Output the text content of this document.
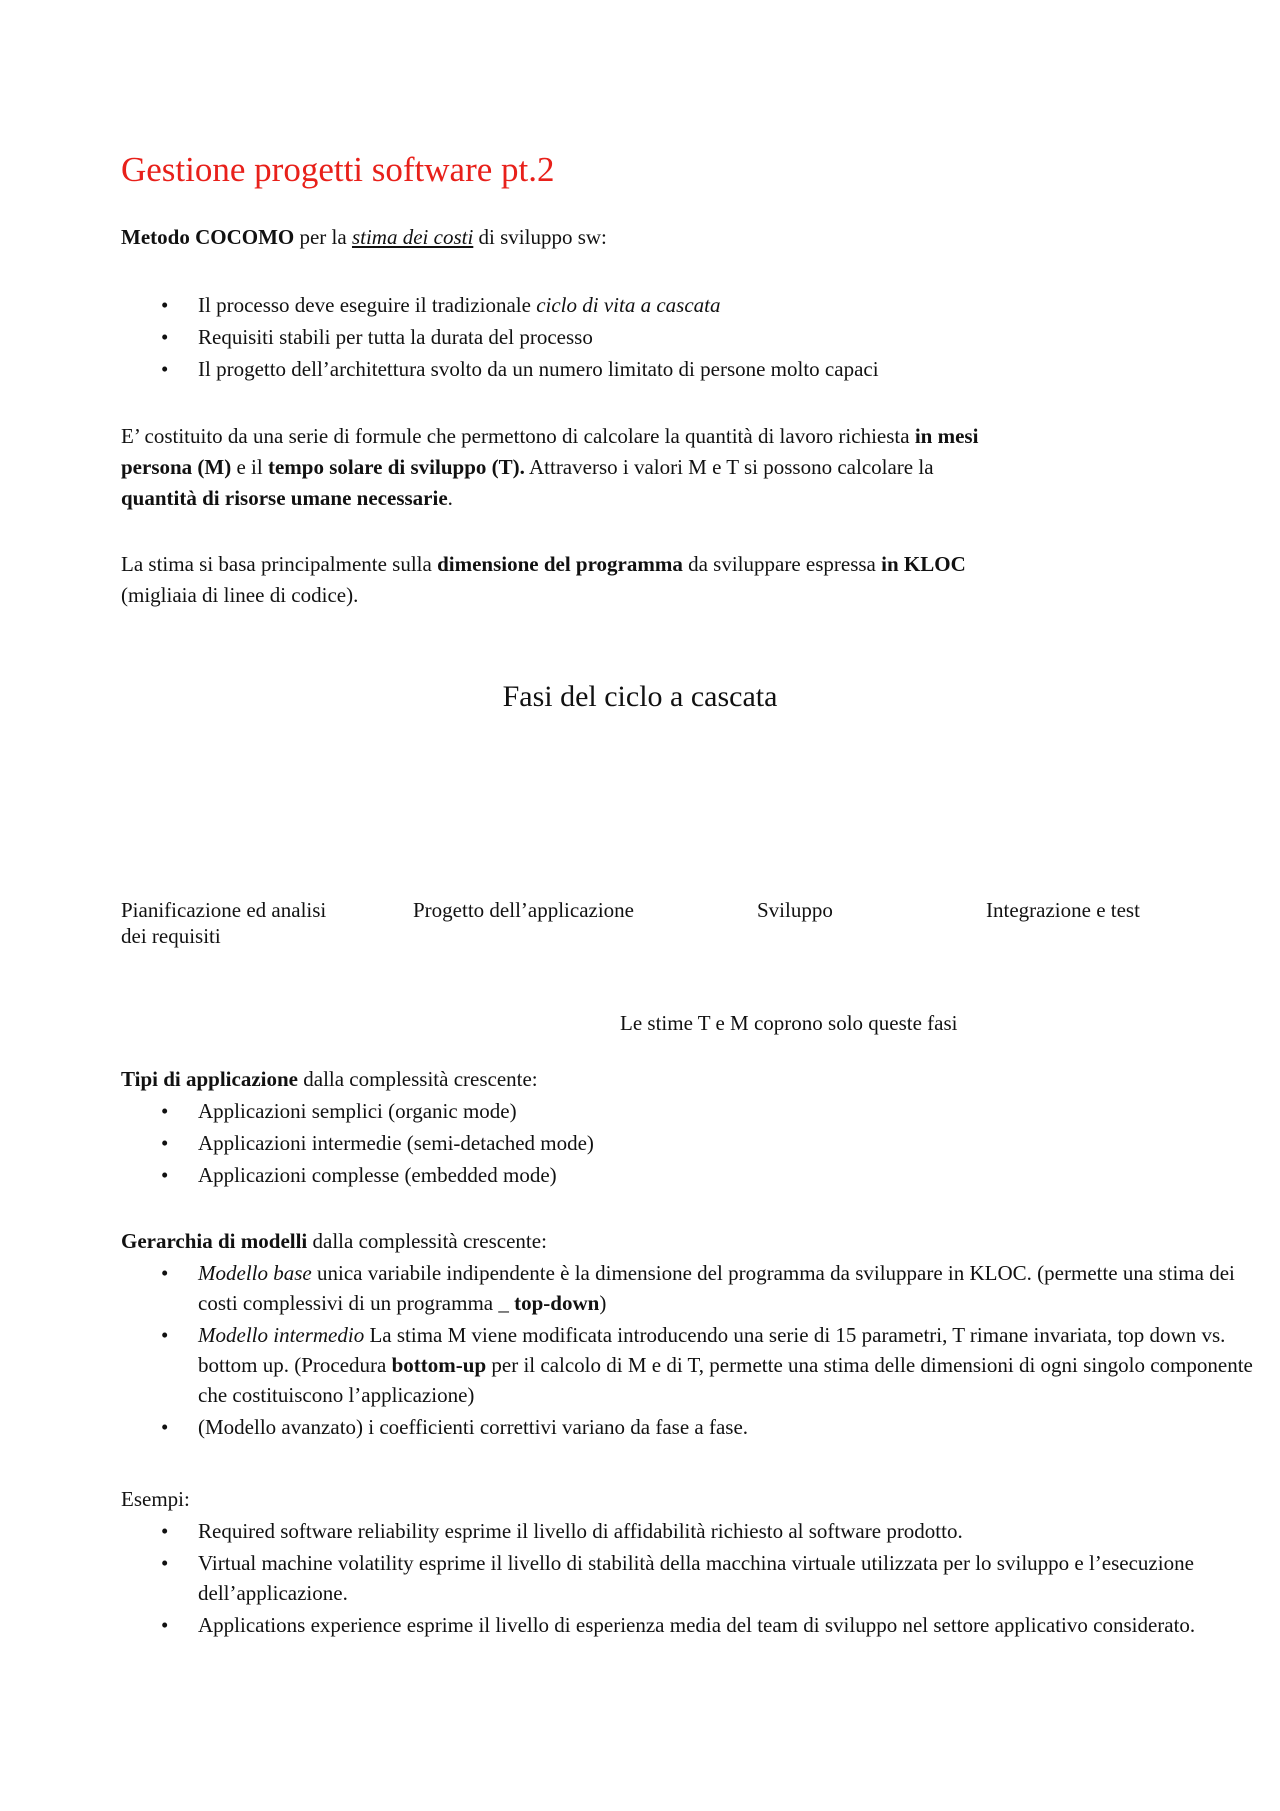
Gestione progetti software pt.2
Metodo COCOMO per la stima dei costi di sviluppo sw:
• Il processo deve eseguire il tradizionale ciclo di vita a cascata
• Requisiti stabili per tutta la durata del processo
• Il progetto dell’architettura svolto da un numero limitato di persone molto capaci
E’ costituito da una serie di formule che permettono di calcolare la quantità di lavoro richiesta in mesi
persona (M) e il tempo solare di sviluppo (T). Attraverso i valori M e T si possono calcolare la
quantità di risorse umane necessarie.
La stima si basa principalmente sulla dimensione del programma da sviluppare espressa in KLOC
(migliaia di linee di codice).
Fasi del ciclo a cascata
Pianificazione ed analisi
dei requisiti
Progetto dell’applicazione	Sviluppo	Integrazione e test
Le stime T e M coprono solo queste fasi
Tipi di applicazione dalla complessità crescente:
• Applicazioni semplici (organic mode)
• Applicazioni intermedie (semi-detached mode)
• Applicazioni complesse (embedded mode)
Gerarchia di modelli dalla complessità crescente:
• Modello base unica variabile indipendente è la dimensione del programma da sviluppare in KLOC. (permette una stima dei costi complessivi di un programma _ top-down)
• Modello intermedio La stima M viene modificata introducendo una serie di 15 parametri, T rimane invariata, top down vs. bottom up. (Procedura bottom-up per il calcolo di M e di T, permette una stima delle dimensioni di ogni singolo componente che costituiscono l’applicazione)
• (Modello avanzato) i coefficienti correttivi variano da fase a fase.
Esempi:
• Required software reliability esprime il livello di affidabilità richiesto al software prodotto.
• Virtual machine volatility esprime il livello di stabilità della macchina virtuale utilizzata per lo sviluppo e l’esecuzione dell’applicazione.
• Applications experience esprime il livello di esperienza media del team di sviluppo nel settore applicativo considerato.
